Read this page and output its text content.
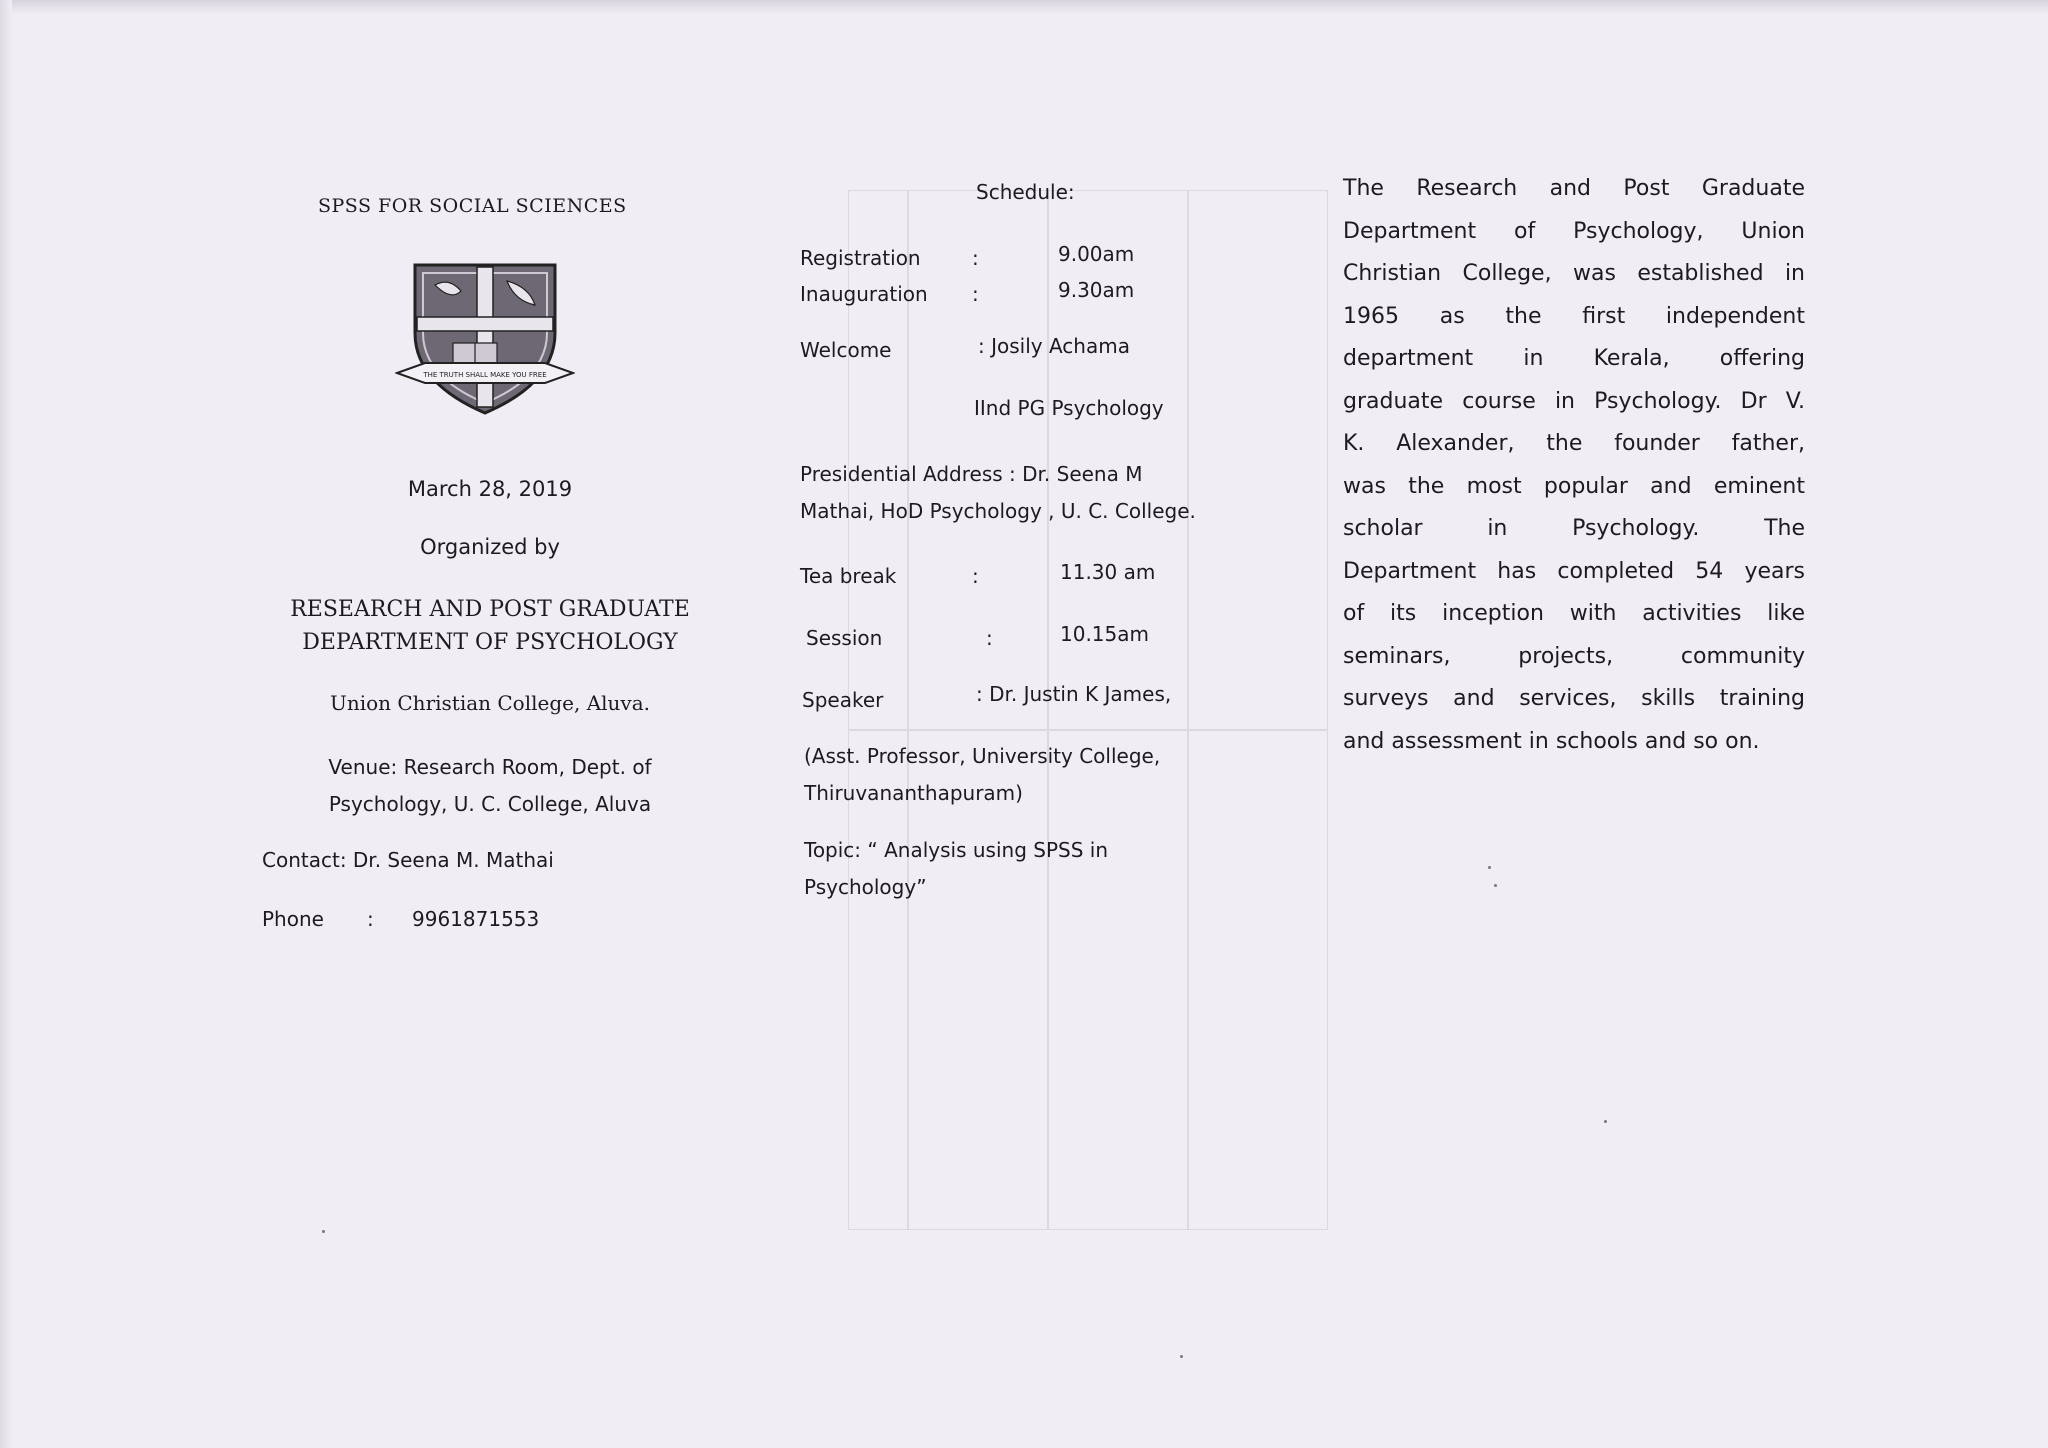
SPSS FOR SOCIAL SCIENCES
THE TRUTH SHALL MAKE YOU FREE
March 28, 2019
Organized by
RESEARCH AND POST GRADUATE
DEPARTMENT OF PSYCHOLOGY
Union Christian College, Aluva.
Venue: Research Room, Dept. of
Psychology, U. C. College, Aluva
Contact: Dr. Seena M. Mathai
Phone : 9961871553
Schedule:
Registration	:	9.00am
Inauguration :	9.30am
Welcome	: Josily Achama
IInd PG Psychology
Presidential Address : Dr. Seena M
Mathai, HoD Psychology , U. C. College.
Tea break	:	11.30 am
Session	:	10.15am
Speaker	: Dr. Justin K James,
(Asst. Professor, University College,
Thiruvananthapuram)
Topic: “ Analysis using SPSS in
Psychology”
The Research and Post Graduate
Department of Psychology, Union
Christian College, was established in
1965 as the first independent
department in Kerala, offering
graduate course in Psychology. Dr V.
K. Alexander, the founder father,
was the most popular and eminent
scholar in Psychology. The
Department has completed 54 years
of its inception with activities like
seminars, projects, community
surveys and services, skills training
and assessment in schools and so on.
